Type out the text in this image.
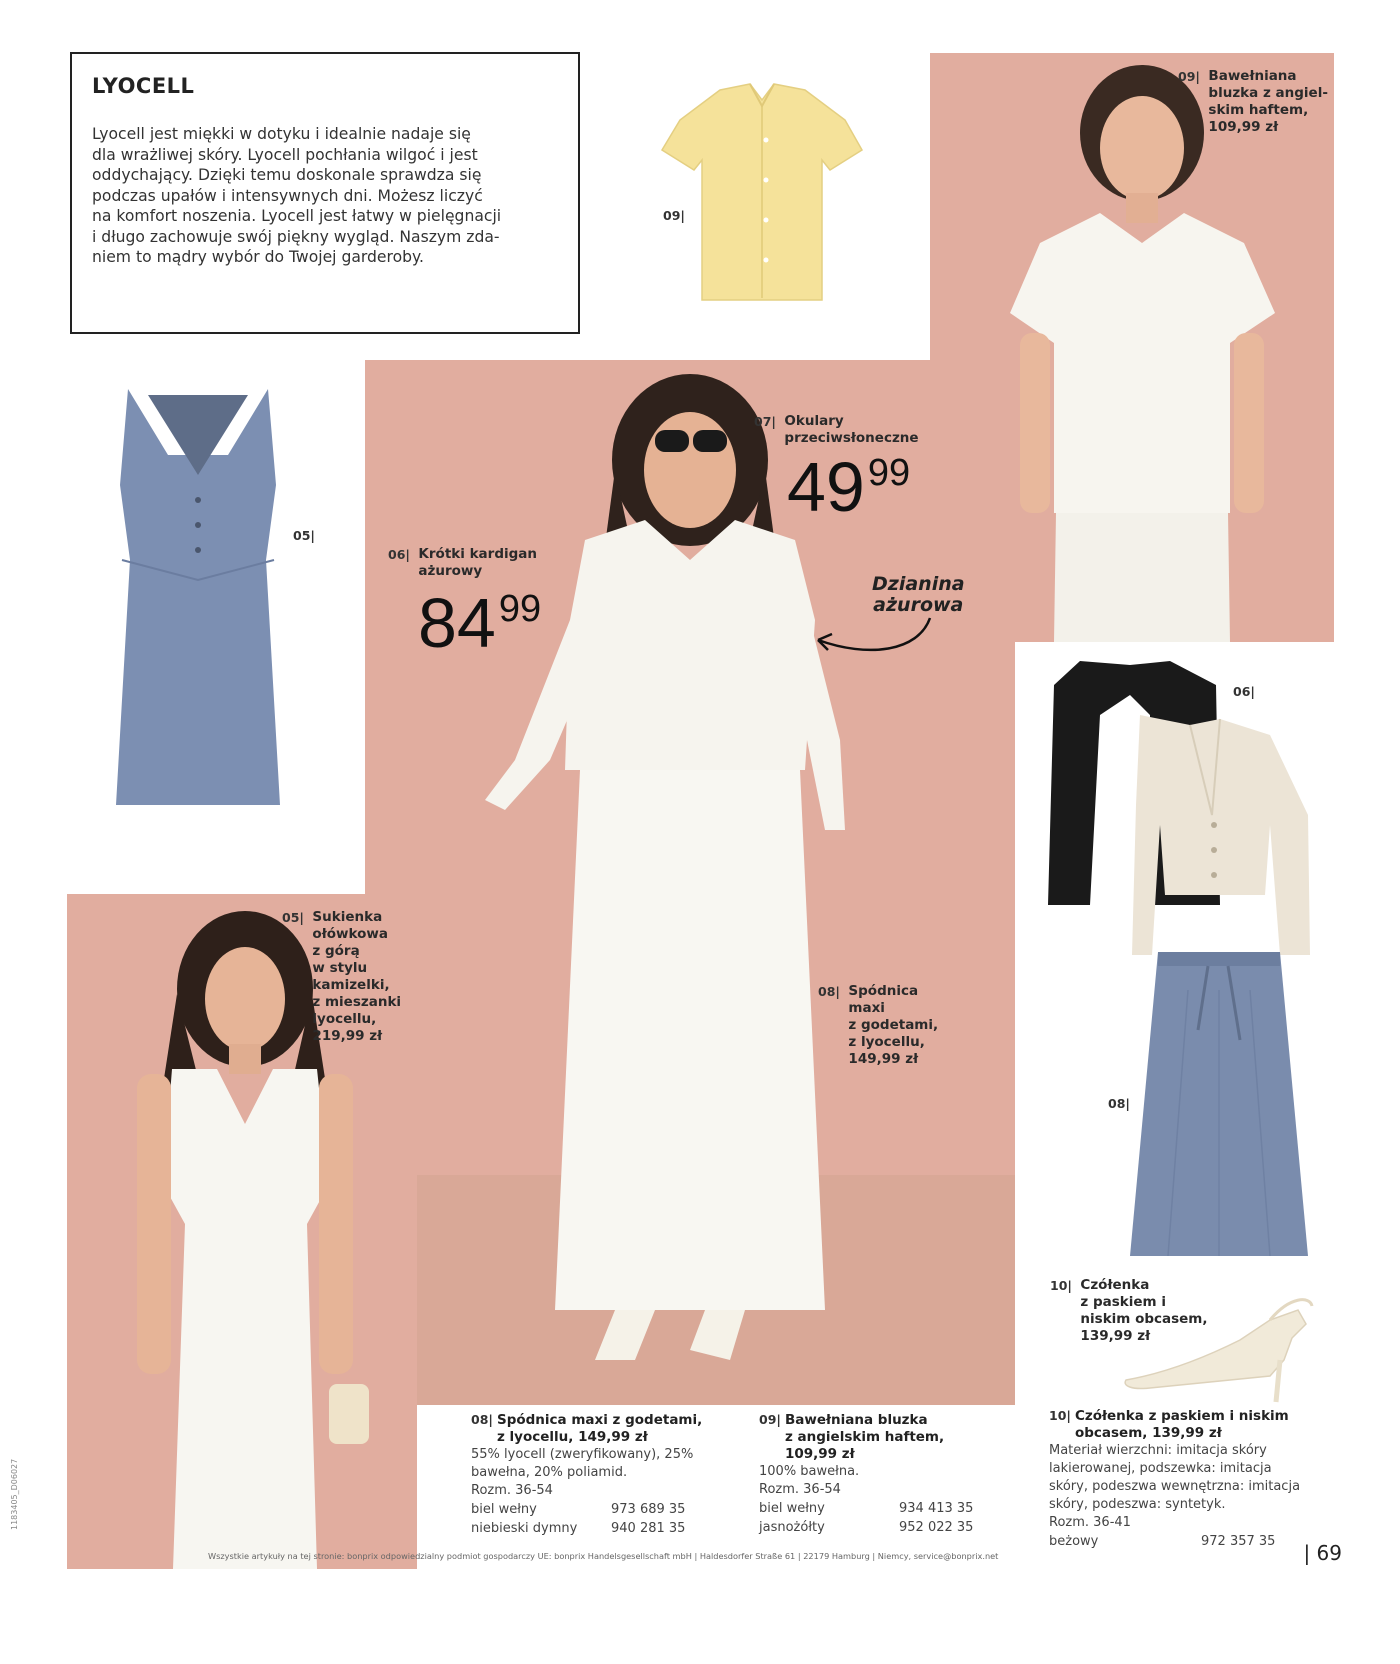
LYOCELL
Lyocell jest miękki w dotyku i idealnie nadaje się
dla wrażliwej skóry. Lyocell pochłania wilgoć i jest
oddychający. Dzięki temu doskonale sprawdza się
podczas upałów i intensywnych dni. Możesz liczyć
na komfort noszenia. Lyocell jest łatwy w pielęgnacji
i długo zachowuje swój piękny wygląd. Naszym zda-
niem to mądry wybór do Twojej garderoby.
09|
09| Bawełniana
bluzka z angiel-
skim haftem,
109,99 zł
05|
07| Okulary
przeciwsłoneczne
$49^{99}$
06| Krótki kardigan
ażurowy
$84^{99}$
Dzianina
ażurowa
08| Spódnica
maxi
z godetami,
z lyocellu,
149,99 zł
06|
08|
05| Sukienka
ołówkowa
z górą
w stylu
kamizelki,
z mieszanki
lyocellu,
219,99 zł
10| Czółenka
z paskiem i
niskim obcasem,
139,99 zł
08| Spódnica maxi z godetami,
z lyocellu, 149,99 zł
55% lyocell (zweryfikowany), 25%
bawełna, 20% poliamid.
Rozm. 36-54
biel wełny	973 689 35
niebieski dymny	940 281 35
09| Bawełniana bluzka
z angielskim haftem,
109,99 zł
100% bawełna.
Rozm. 36-54
biel wełny	934 413 35
jasnożółty	952 022 35
10| Czółenka z paskiem i niskim
obcasem, 139,99 zł
Materiał wierzchni: imitacja skóry
lakierowanej, podszewka: imitacja
skóry, podeszwa wewnętrzna: imitacja
skóry, podeszwa: syntetyk.
Rozm. 36-41
beżowy	972 357 35
Wszystkie artykuły na tej stronie: bonprix odpowiedzialny podmiot gospodarczy UE: bonprix Handelsgesellschaft mbH | Haldesdorfer Straße 61 | 22179 Hamburg | Niemcy, service@bonprix.net	| 69
1183405_D06027
